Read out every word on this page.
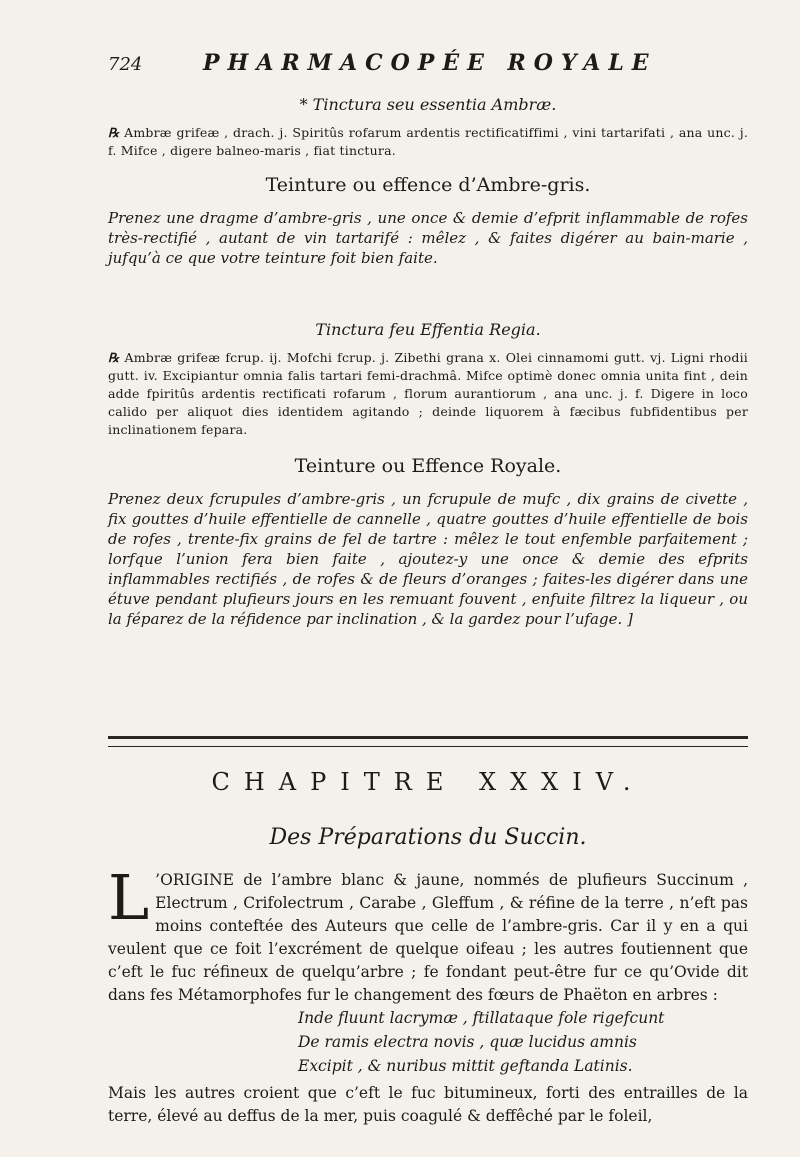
724	PHARMACOPÉE ROYALE

* Tinctura seu essentia Ambræ.

℞ Ambræ grifeæ , drach. j. Spiritûs rofarum ardentis rectificatiffimi , vini tartarifati , ana unc. j. f. Mifce , digere balneo-maris , fiat tinctura.

Teinture ou effence d’Ambre-gris.

Prenez une dragme d’ambre-gris , une once & demie d’efprit inflammable de rofes très-rectifié , autant de vin tartarifé : mêlez , & faites digérer au bain-marie , jufqu’à ce que votre teinture foit bien faite.

Tinctura feu Effentia Regia.

℞ Ambræ grifeæ fcrup. ij. Mofchi fcrup. j. Zibethi grana x. Olei cinnamomi gutt. vj. Ligni rhodii gutt. iv. Excipiantur omnia falis tartari femi-drachmâ. Mifce optimè donec omnia unita fint , dein adde fpiritûs ardentis rectificati rofarum , florum aurantiorum , ana unc. j. f. Digere in loco calido per aliquot dies identidem agitando ; deinde liquorem à fæcibus fubfidentibus per inclinationem fepara.

Teinture ou Effence Royale.

Prenez deux fcrupules d’ambre-gris , un fcrupule de mufc , dix grains de civette , fix gouttes d’huile effentielle de cannelle , quatre gouttes d’huile effentielle de bois de rofes , trente-fix grains de fel de tartre : mêlez le tout enfemble parfaitement ; lorfque l’union fera bien faite , ajoutez-y une once & demie des efprits inflammables rectifiés , de rofes & de fleurs d’oranges ; faites-les digérer dans une étuve pendant plufieurs jours en les remuant fouvent , enfuite filtrez la liqueur , ou la féparez de la réfidence par inclination , & la gardez pour l’ufage. ]

CHAPITRE XXXIV.
Des Préparations du Succin.

L ’ORIGINE de l’ambre blanc & jaune, nommés de plufieurs Succinum , Electrum , Crifolectrum , Carabe , Gleffum , & réfine de la terre , n’eft pas moins conteftée des Auteurs que celle de l’ambre-gris. Car il y en a qui veulent que ce foit l’excrément de quelque oifeau ; les autres foutiennent que c’eft le fuc réfineux de quelqu’arbre ; fe fondant peut-être fur ce qu’Ovide dit dans fes Métamorphofes fur le changement des fœurs de Phaëton en arbres :

Inde fluunt lacrymæ , ftillataque fole rigefcunt
De ramis electra novis , quæ lucidus amnis
Excipit , & nuribus mittit geftanda Latinis.

Mais les autres croient que c’eft le fuc bitumineux, forti des entrailles de la terre, élevé au deffus de la mer, puis coagulé & deffêché par le foleil,
